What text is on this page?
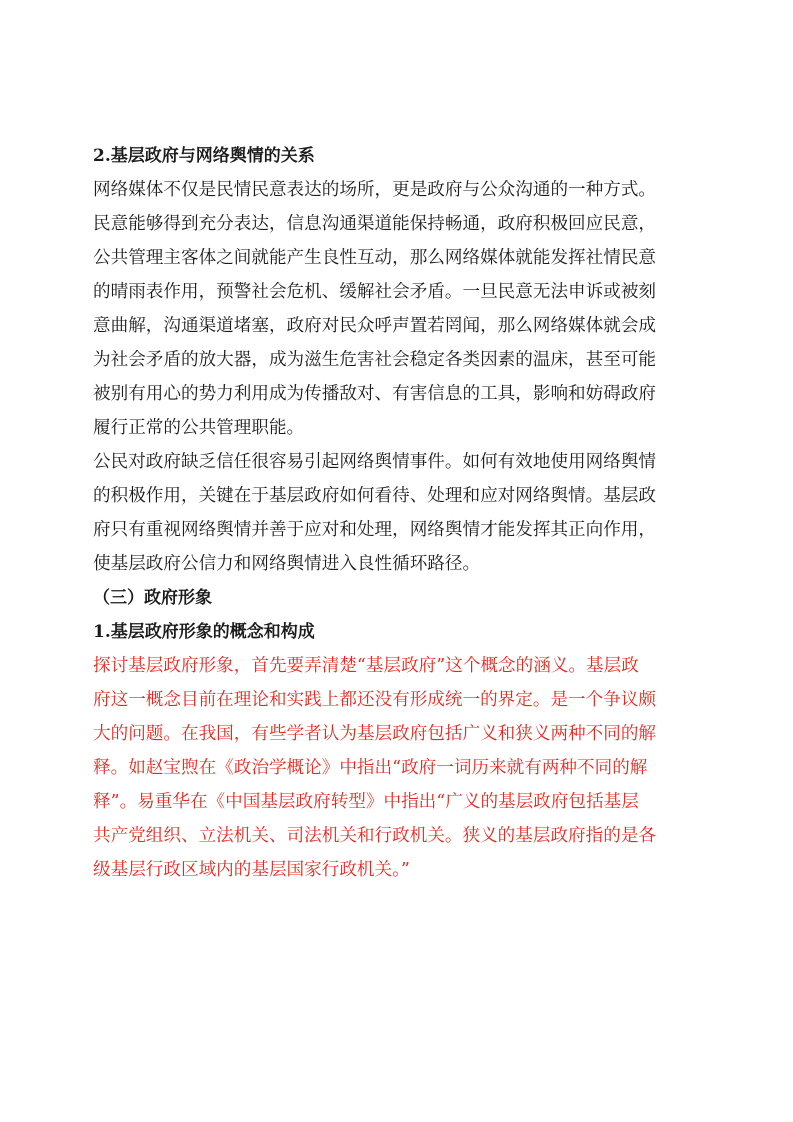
2.基层政府与网络舆情的关系
网络媒体不仅是民情民意表达的场所，更是政府与公众沟通的一种方式。
民意能够得到充分表达，信息沟通渠道能保持畅通，政府积极回应民意，
公共管理主客体之间就能产生良性互动，那么网络媒体就能发挥社情民意
的晴雨表作用，预警社会危机、缓解社会矛盾。一旦民意无法申诉或被刻
意曲解，沟通渠道堵塞，政府对民众呼声置若罔闻，那么网络媒体就会成
为社会矛盾的放大器，成为滋生危害社会稳定各类因素的温床，甚至可能
被别有用心的势力利用成为传播敌对、有害信息的工具，影响和妨碍政府
履行正常的公共管理职能。
公民对政府缺乏信任很容易引起网络舆情事件。如何有效地使用网络舆情
的积极作用，关键在于基层政府如何看待、处理和应对网络舆情。基层政
府只有重视网络舆情并善于应对和处理，网络舆情才能发挥其正向作用，
使基层政府公信力和网络舆情进入良性循环路径。
（三）政府形象
1.基层政府形象的概念和构成
探讨基层政府形象，首先要弄清楚“基层政府”这个概念的涵义。基层政
府这一概念目前在理论和实践上都还没有形成统一的界定。是一个争议颇
大的问题。在我国，有些学者认为基层政府包括广义和狭义两种不同的解
释。如赵宝煦在《政治学概论》中指出“政府一词历来就有两种不同的解
释”。易重华在《中国基层政府转型》中指出“广义的基层政府包括基层
共产党组织、立法机关、司法机关和行政机关。狭义的基层政府指的是各
级基层行政区域内的基层国家行政机关。”
